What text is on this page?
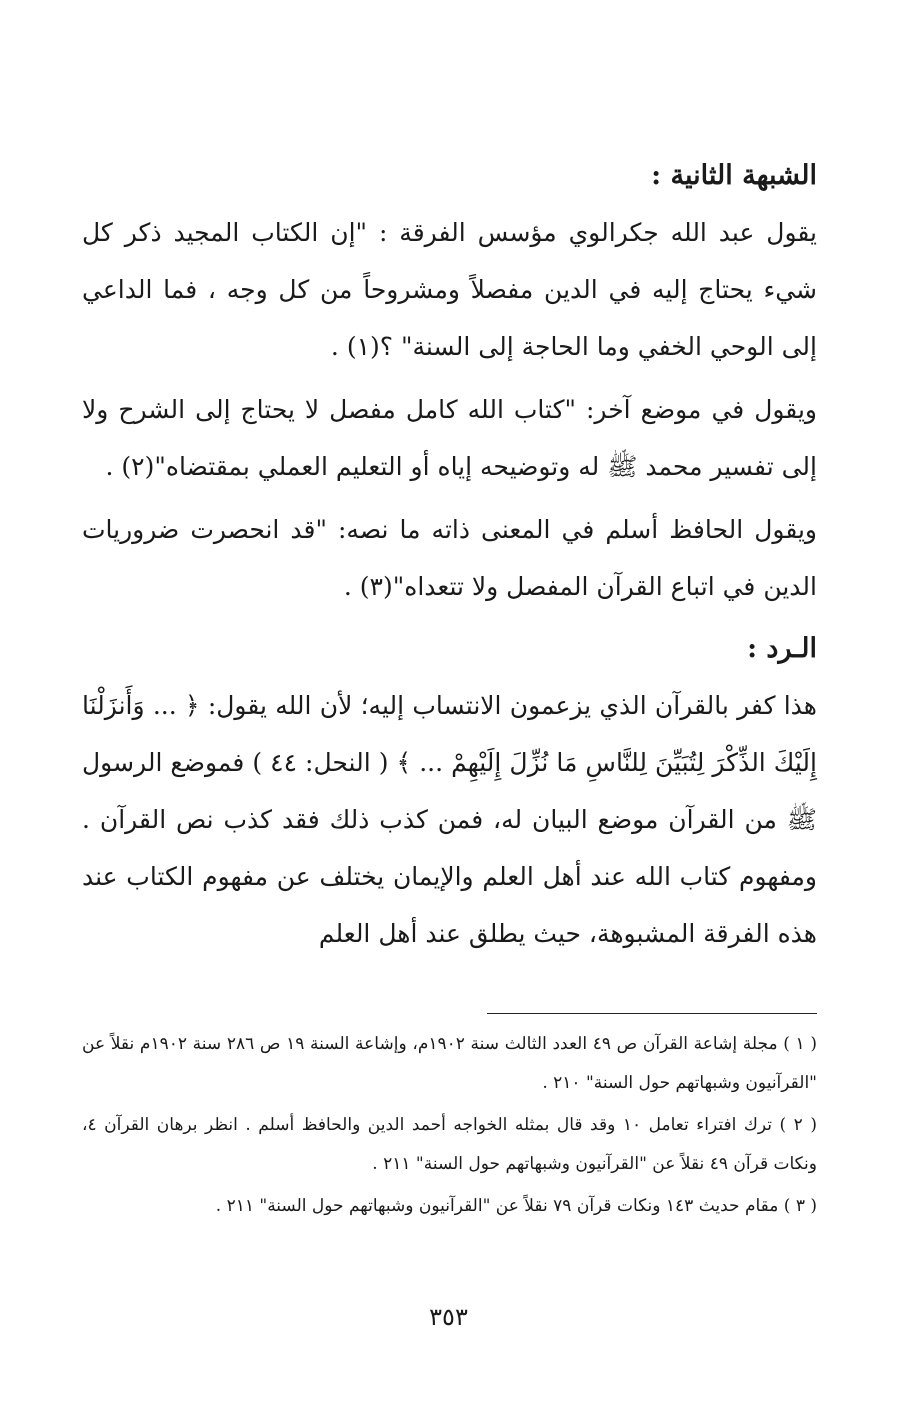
الشبهة الثانية :

يقول عبد الله جكرالوي مؤسس الفرقة : "إن الكتاب المجيد ذكر كل شيء يحتاج إليه في الدين مفصلاً ومشروحاً من كل وجه ، فما الداعي إلى الوحي الخفي وما الحاجة إلى السنة" ؟(١) .

ويقول في موضع آخر: "كتاب الله كامل مفصل لا يحتاج إلى الشرح ولا إلى تفسير محمد ﷺ له وتوضيحه إياه أو التعليم العملي بمقتضاه"(٢) .

ويقول الحافظ أسلم في المعنى ذاته ما نصه: "قد انحصرت ضروريات الدين في اتباع القرآن المفصل ولا تتعداه"(٣) .

الـرد :

هذا كفر بالقرآن الذي يزعمون الانتساب إليه؛ لأن الله يقول: ﴿ ... وَأَنزَلْنَا إِلَيْكَ الذِّكْرَ لِتُبَيِّنَ لِلنَّاسِ مَا نُزِّلَ إِلَيْهِمْ ... ﴾ ( النحل: ٤٤ ) فموضع الرسول ﷺ من القرآن موضع البيان له، فمن كذب ذلك فقد كذب نص القرآن . ومفهوم كتاب الله عند أهل العلم والإيمان يختلف عن مفهوم الكتاب عند هذه الفرقة المشبوهة، حيث يطلق عند أهل العلم

( ١ ) مجلة إشاعة القرآن ص ٤٩ العدد الثالث سنة ١٩٠٢م، وإشاعة السنة ١٩ ص ٢٨٦ سنة ١٩٠٢م نقلاً عن "القرآنيون وشبهاتهم حول السنة" ٢١٠ .

( ٢ ) ترك افتراء تعامل ١٠ وقد قال بمثله الخواجه أحمد الدين والحافظ أسلم . انظر برهان القرآن ٤، ونكات قرآن ٤٩ نقلاً عن "القرآنيون وشبهاتهم حول السنة" ٢١١ .

( ٣ ) مقام حديث ١٤٣ ونكات قرآن ٧٩ نقلاً عن "القرآنيون وشبهاتهم حول السنة" ٢١١ .

٣٥٣
